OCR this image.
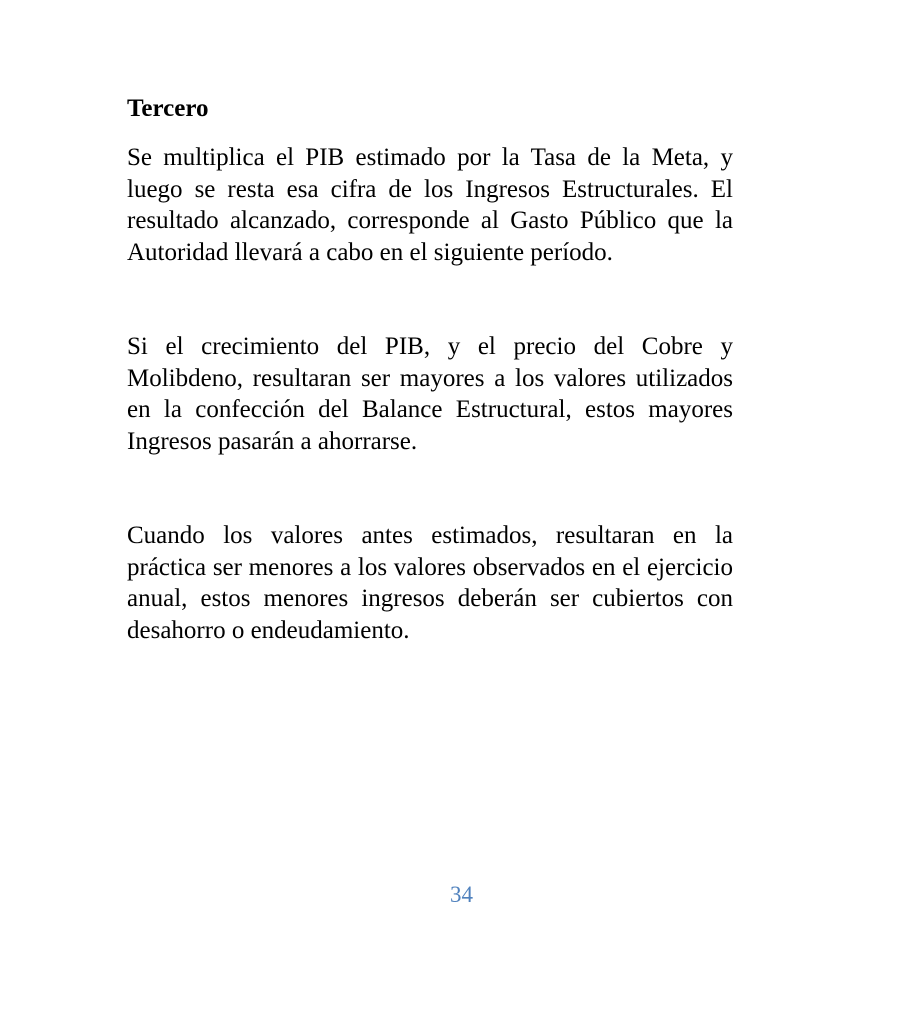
Tercero

Se multiplica el PIB estimado por la Tasa de la Meta, y luego se resta esa cifra de los Ingresos Estructurales. El resultado alcanzado, corresponde al Gasto Público que la Autoridad llevará a cabo en el siguiente período.

Si el crecimiento del PIB, y el precio del Cobre y Molibdeno, resultaran ser mayores a los valores utilizados en la confección del Balance Estructural, estos mayores Ingresos pasarán a ahorrarse.

Cuando los valores antes estimados, resultaran en la práctica ser menores a los valores observados en el ejercicio anual, estos menores ingresos deberán ser cubiertos con desahorro o endeudamiento.

34
